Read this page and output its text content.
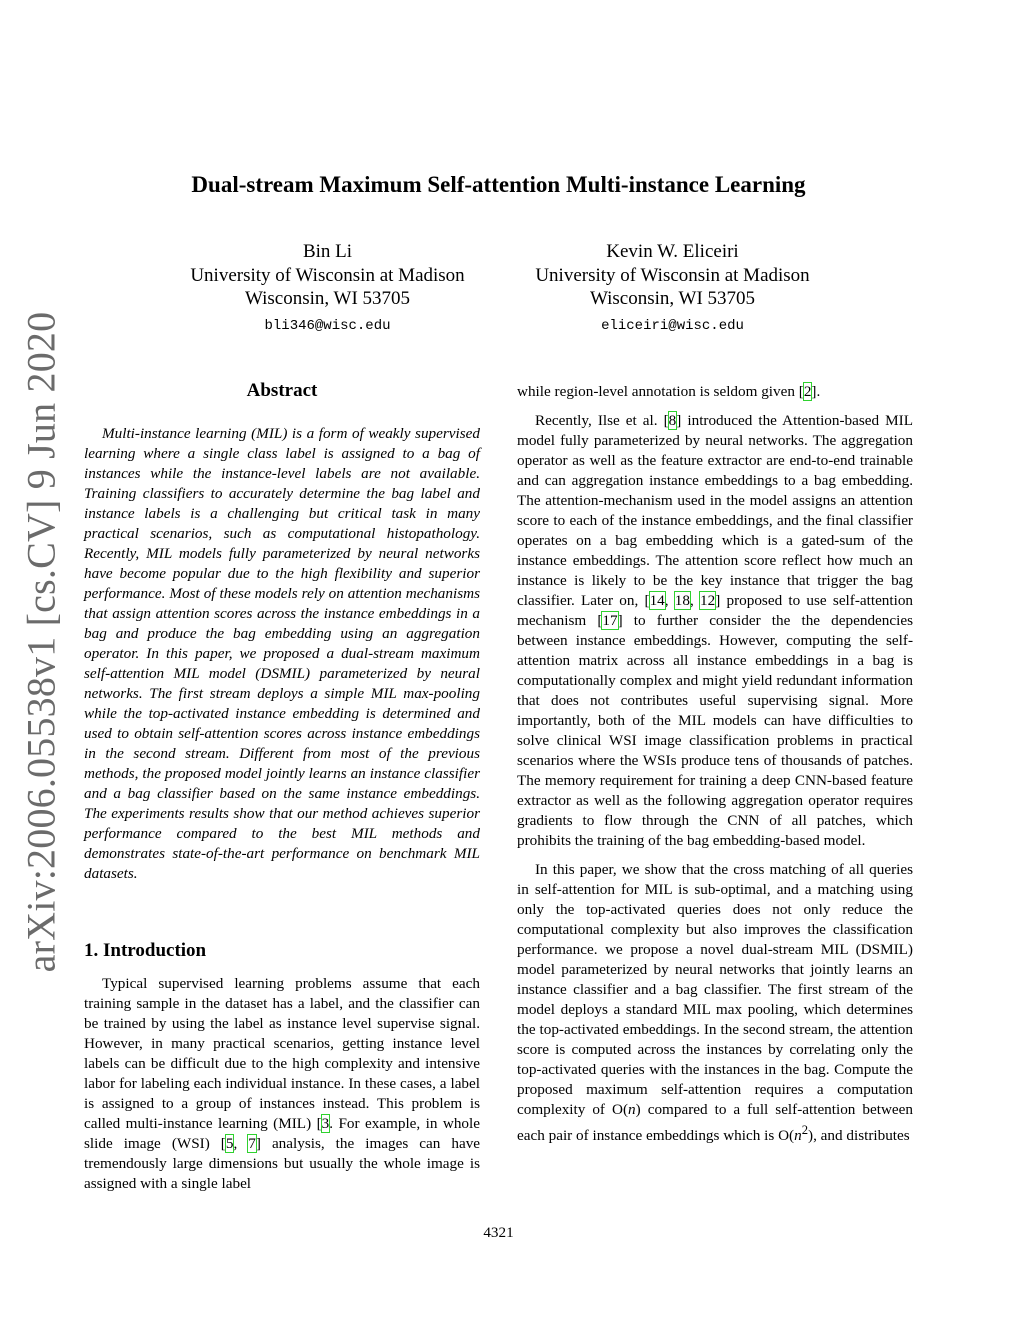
arXiv:2006.05538v1 [cs.CV] 9 Jun 2020
Dual-stream Maximum Self-attention Multi-instance Learning
Bin Li
University of Wisconsin at Madison
Wisconsin, WI 53705
bli346@wisc.edu
Kevin W. Eliceiri
University of Wisconsin at Madison
Wisconsin, WI 53705
eliceiri@wisc.edu
Abstract

Multi-instance learning (MIL) is a form of weakly supervised learning where a single class label is assigned to a bag of instances while the instance-level labels are not available. Training classifiers to accurately determine the bag label and instance labels is a challenging but critical task in many practical scenarios, such as computational histopathology. Recently, MIL models fully parameterized by neural networks have become popular due to the high flexibility and superior performance. Most of these models rely on attention mechanisms that assign attention scores across the instance embeddings in a bag and produce the bag embedding using an aggregation operator. In this paper, we proposed a dual-stream maximum self-attention MIL model (DSMIL) parameterized by neural networks. The first stream deploys a simple MIL max-pooling while the top-activated instance embedding is determined and used to obtain self-attention scores across instance embeddings in the second stream. Different from most of the previous methods, the proposed model jointly learns an instance classifier and a bag classifier based on the same instance embeddings. The experiments results show that our method achieves superior performance compared to the best MIL methods and demonstrates state-of-the-art performance on benchmark MIL datasets.

1. Introduction

Typical supervised learning problems assume that each training sample in the dataset has a label, and the classifier can be trained by using the label as instance level supervise signal. However, in many practical scenarios, getting instance level labels can be difficult due to the high complexity and intensive labor for labeling each individual instance. In these cases, a label is assigned to a group of instances instead. This problem is called multi-instance learning (MIL) [3. For example, in whole slide image (WSI) [5, 7] analysis, the images can have tremendously large dimensions but usually the whole image is assigned with a single label

while region-level annotation is seldom given [2].

Recently, Ilse et al. [8] introduced the Attention-based MIL model fully parameterized by neural networks. The aggregation operator as well as the feature extractor are end-to-end trainable and can aggregation instance embeddings to a bag embedding. The attention-mechanism used in the model assigns an attention score to each of the instance embeddings, and the final classifier operates on a bag embedding which is a gated-sum of the instance embeddings. The attention score reflect how much an instance is likely to be the key instance that trigger the bag classifier. Later on, [14, 18, 12] proposed to use self-attention mechanism [17] to further consider the the dependencies between instance embeddings. However, computing the self-attention matrix across all instance embeddings in a bag is computationally complex and might yield redundant information that does not contributes useful supervising signal. More importantly, both of the MIL models can have difficulties to solve clinical WSI image classification problems in practical scenarios where the WSIs produce tens of thousands of patches. The memory requirement for training a deep CNN-based feature extractor as well as the following aggregation operator requires gradients to flow through the CNN of all patches, which prohibits the training of the bag embedding-based model.

In this paper, we show that the cross matching of all queries in self-attention for MIL is sub-optimal, and a matching using only the top-activated queries does not only reduce the computational complexity but also improves the classification performance. we propose a novel dual-stream MIL (DSMIL) model parameterized by neural networks that jointly learns an instance classifier and a bag classifier. The first stream of the model deploys a standard MIL max pooling, which determines the top-activated embeddings. In the second stream, the attention score is computed across the instances by correlating only the top-activated queries with the instances in the bag. Compute the proposed maximum self-attention requires a computation complexity of O(n) compared to a full self-attention between each pair of instance embeddings which is $O(n^2)$, and distributes

4321
